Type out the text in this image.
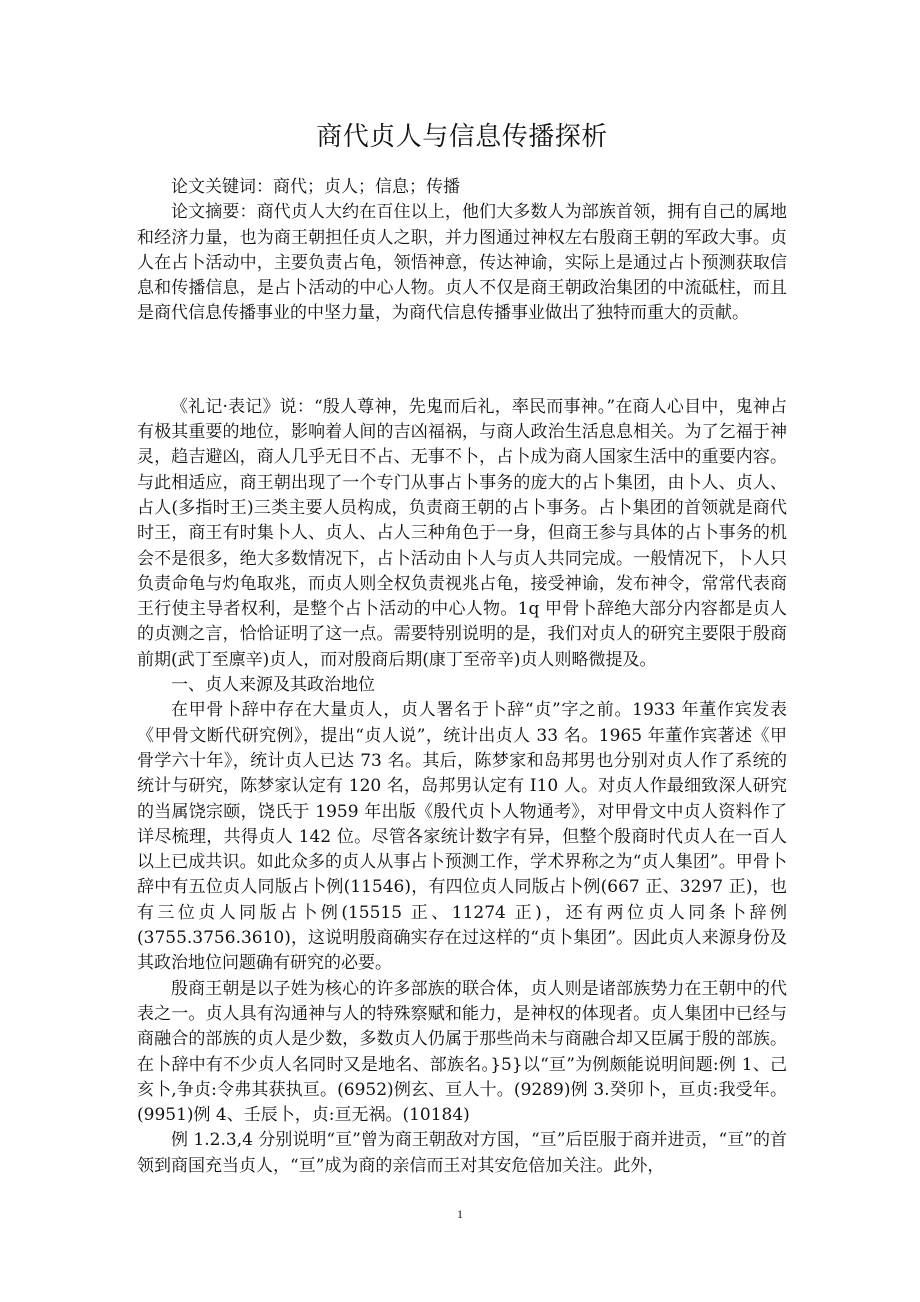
商代贞人与信息传播探析

论文关键词：商代；贞人；信息；传播

论文摘要：商代贞人大约在百住以上，他们大多数人为部族首领，拥有自己的属地和经济力量，也为商王朝担任贞人之职，并力图通过神权左右殷商王朝的军政大事。贞人在占卜活动中，主要负责占龟，领悟神意，传达神谕，实际上是通过占卜预测获取信息和传播信息，是占卜活动的中心人物。贞人不仅是商王朝政治集团的中流砥柱，而且是商代信息传播事业的中坚力量，为商代信息传播事业做出了独特而重大的贡献。

《礼记·表记》说：“殷人尊神，先鬼而后礼，率民而事神。”在商人心目中，鬼神占有极其重要的地位，影响着人间的吉凶福祸，与商人政治生活息息相关。为了乞福于神灵，趋吉避凶，商人几乎无日不占、无事不卜，占卜成为商人国家生活中的重要内容。与此相适应，商王朝出现了一个专门从事占卜事务的庞大的占卜集团，由卜人、贞人、占人(多指时王)三类主要人员构成，负责商王朝的占卜事务。占卜集团的首领就是商代时王，商王有时集卜人、贞人、占人三种角色于一身，但商王参与具体的占卜事务的机会不是很多，绝大多数情况下，占卜活动由卜人与贞人共同完成。一般情况下，卜人只负责命龟与灼龟取兆，而贞人则全权负责视兆占龟，接受神谕，发布神令，常常代表商王行使主导者权利，是整个占卜活动的中心人物。1q 甲骨卜辞绝大部分内容都是贞人的贞测之言，恰恰证明了这一点。需要特别说明的是，我们对贞人的研究主要限于殷商前期(武丁至廪辛)贞人，而对殷商后期(康丁至帝辛)贞人则略微提及。

一、贞人来源及其政治地位

在甲骨卜辞中存在大量贞人，贞人署名于卜辞“贞”字之前。1933 年董作宾发表《甲骨文断代研究例》，提出“贞人说”，统计出贞人 33 名。1965 年董作宾著述《甲骨学六十年》，统计贞人已达 73 名。其后，陈梦家和岛邦男也分别对贞人作了系统的统计与研究，陈梦家认定有 120 名，岛邦男认定有 I10 人。对贞人作最细致深人研究的当属饶宗颐，饶氏于 1959 年出版《殷代贞卜人物通考》，对甲骨文中贞人资料作了详尽梳理，共得贞人 142 位。尽管各家统计数字有异，但整个殷商时代贞人在一百人以上已成共识。如此众多的贞人从事占卜预测工作，学术界称之为“贞人集团”。甲骨卜辞中有五位贞人同版占卜例(11546)，有四位贞人同版占卜例(667 正、3297 正)，也有三位贞人同版占卜例(15515 正、11274 正)，还有两位贞人同条卜辞例(3755.3756.3610)，这说明殷商确实存在过这样的“贞卜集团”。因此贞人来源身份及其政治地位问题确有研究的必要。

殷商王朝是以子姓为核心的许多部族的联合体，贞人则是诸部族势力在王朝中的代表之一。贞人具有沟通神与人的特殊察赋和能力，是神权的体现者。贞人集团中已经与商融合的部族的贞人是少数，多数贞人仍属于那些尚未与商融合却又臣属于殷的部族。在卜辞中有不少贞人名同时又是地名、部族名。}5}以“亘”为例颇能说明间题:例 1、己亥卜,争贞:令弗其获执亘。(6952)例玄、亘人十。(9289)例 3.癸卯卜，亘贞:我受年。(9951)例 4、壬辰卜，贞:亘无祸。(10184)

例 1.2.3,4 分别说明“亘”曾为商王朝敌对方国，“亘”后臣服于商并进贡，“亘”的首领到商国充当贞人，“亘”成为商的亲信而王对其安危倍加关注。此外，

1
